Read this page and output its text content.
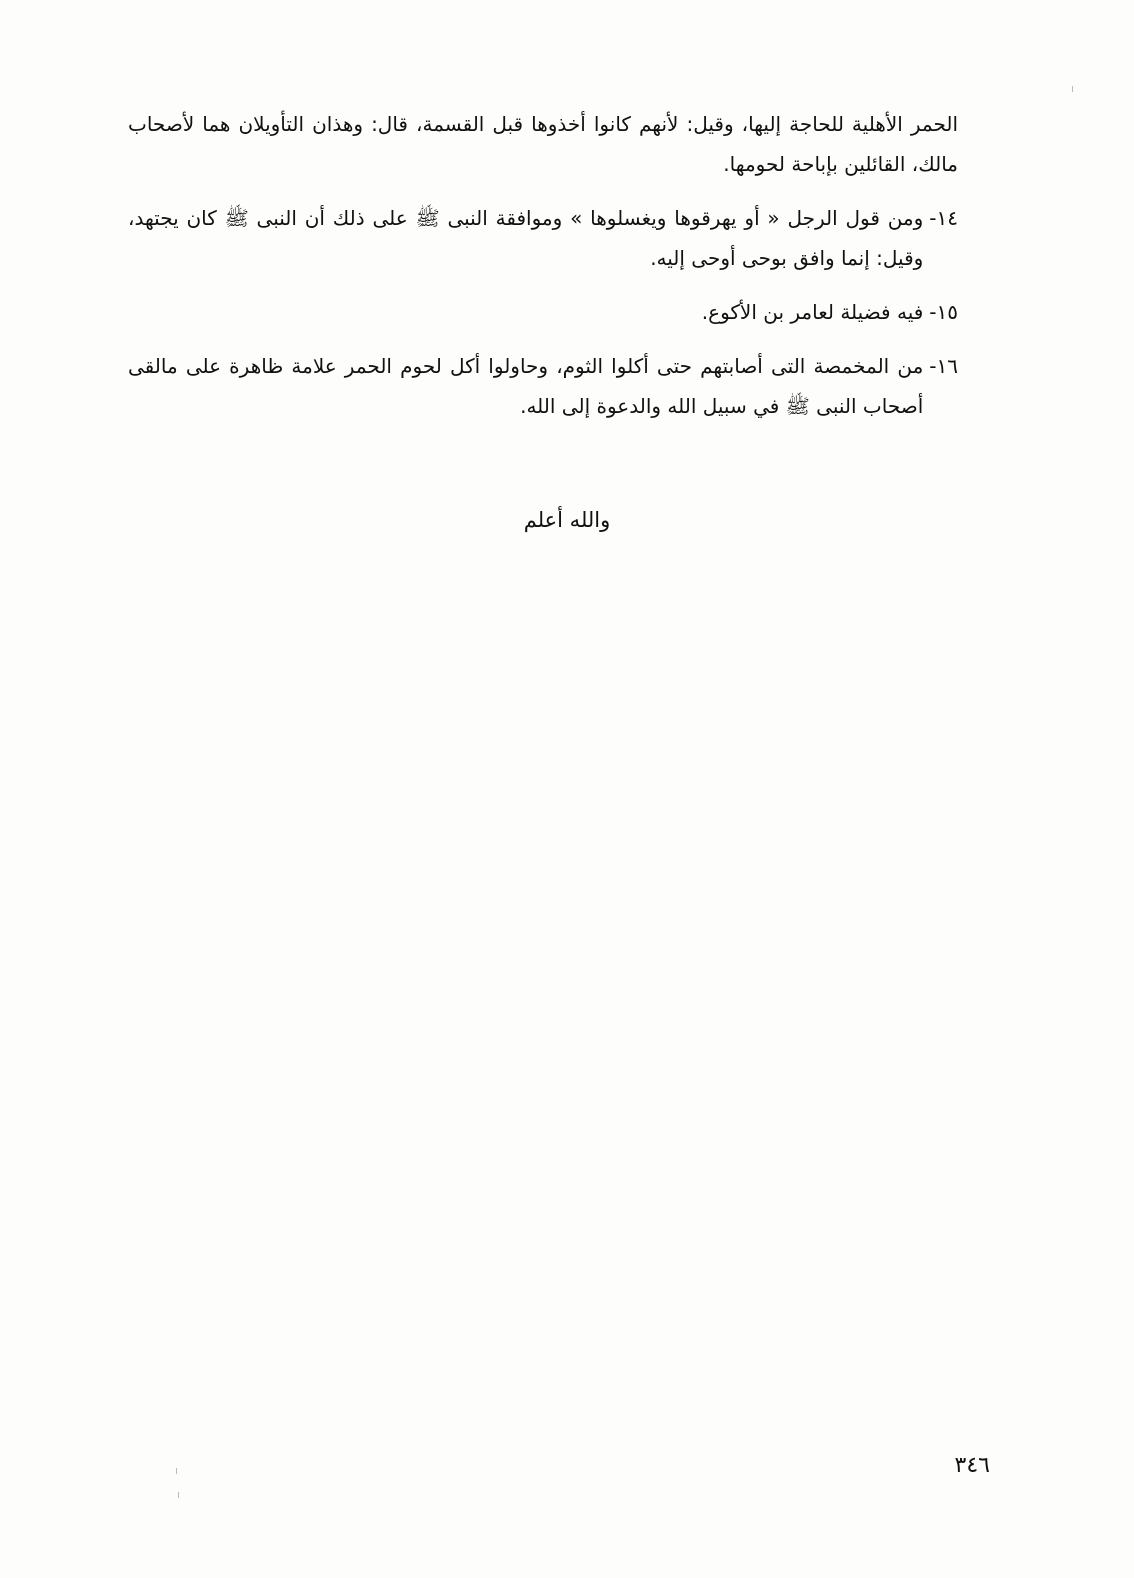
الحمر الأهلية للحاجة إليها، وقيل: لأنهم كانوا أخذوها قبل القسمة، قال: وهذان التأويلان هما لأصحاب مالك، القائلين بإباحة لحومها.

١٤-
ومن قول الرجل « أو يهرقوها ويغسلوها » وموافقة النبى ﷺ على ذلك أن النبى ﷺ كان يجتهد، وقيل: إنما وافق بوحى أوحى إليه.
١٥-
فيه فضيلة لعامر بن الأكوع.
١٦-
من المخمصة التى أصابتهم حتى أكلوا الثوم، وحاولوا أكل لحوم الحمر علامة ظاهرة على مالقى أصحاب النبى ﷺ في سبيل الله والدعوة إلى الله.
والله أعلم
٣٤٦
